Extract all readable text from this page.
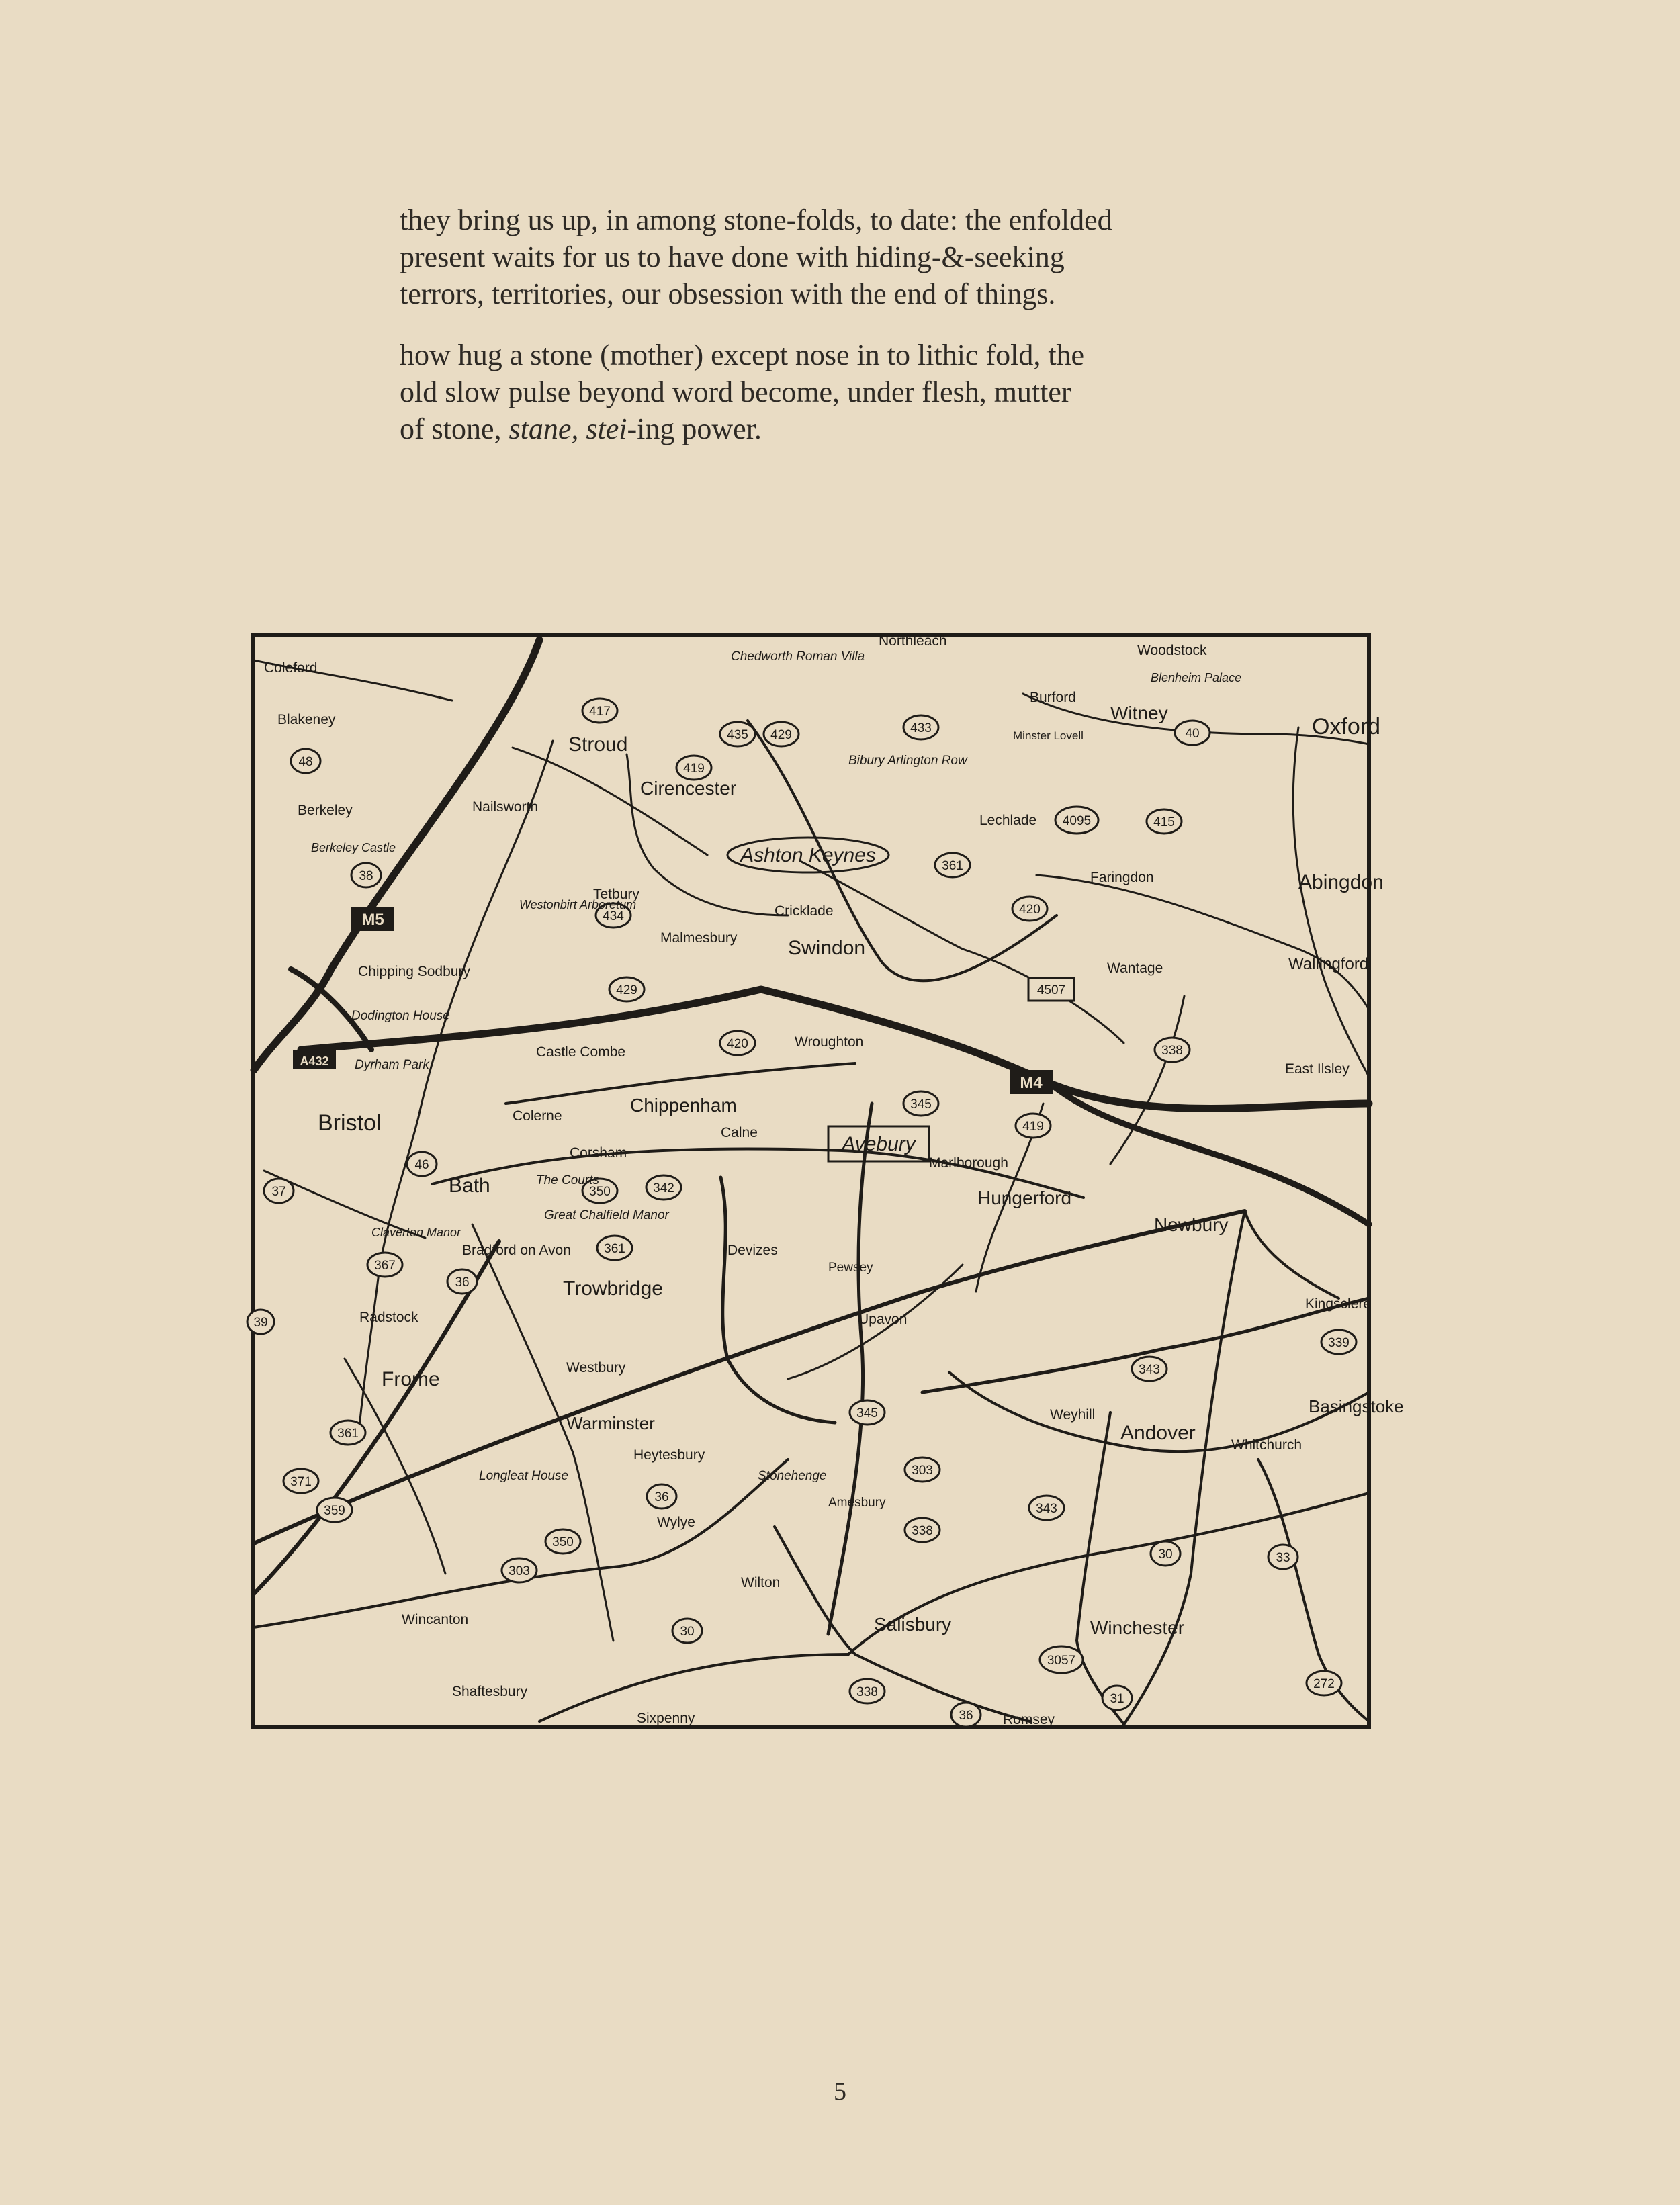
they bring us up, in among stone-folds, to date: the enfolded
present waits for us to have done with hiding-&-seeking
terrors, territories, our obsession with the end of things.

how hug a stone (mother) except nose in to lithic fold, the
old slow pulse beyond word become, under flesh, mutter
of stone, stane, stei-ing power.

417
435 429	433
419
40
4095	415
361
420
4507
338
48
38
434
429
420
345
419
37
46
350	342
361
367
36
39
339
343
361
371
359
36
303
343
350
303
338
30	33
3057
31
272
30
338
36
345
M5
M4
A432
Ashton Keynes
Avebury
Coleford
Blakeney
Berkeley
Berkeley Castle
Stroud
Nailsworth
Cirencester
Chedworth Roman Villa
Northleach
Bibury Arlington Row
Burford
Woodstock
Blenheim Palace
Witney
Minster Lovell	Oxford
Lechlade
Faringdon	Abingdon
Wallingford
Tetbury
Westonbirt Arboretum
Malmesbury
Cricklade
Swindon
Wantage
Chipping Sodbury
Dodington House
Castle Combe
Dyrham Park
Wroughton
East Ilsley
Bristol	Colerne
Chippenham
Calne
Corsham
The Courts
Great Chalfield Manor
Bath
Marlborough
Hungerford
Newbury
Claverton Manor
Bradford on Avon	Devizes
Pewsey
Trowbridge
Radstock	Upavon
Kingsclere
Frome
Westbury
Warminster
Heytesbury
Weyhill
Andover
Basingstoke
Whitchurch
Longleat House	Stonehenge
Amesbury
Wylye
Wilton
Salisbury	Winchester
Wincanton
Shaftesbury
Sixpenny	Romsey
5
